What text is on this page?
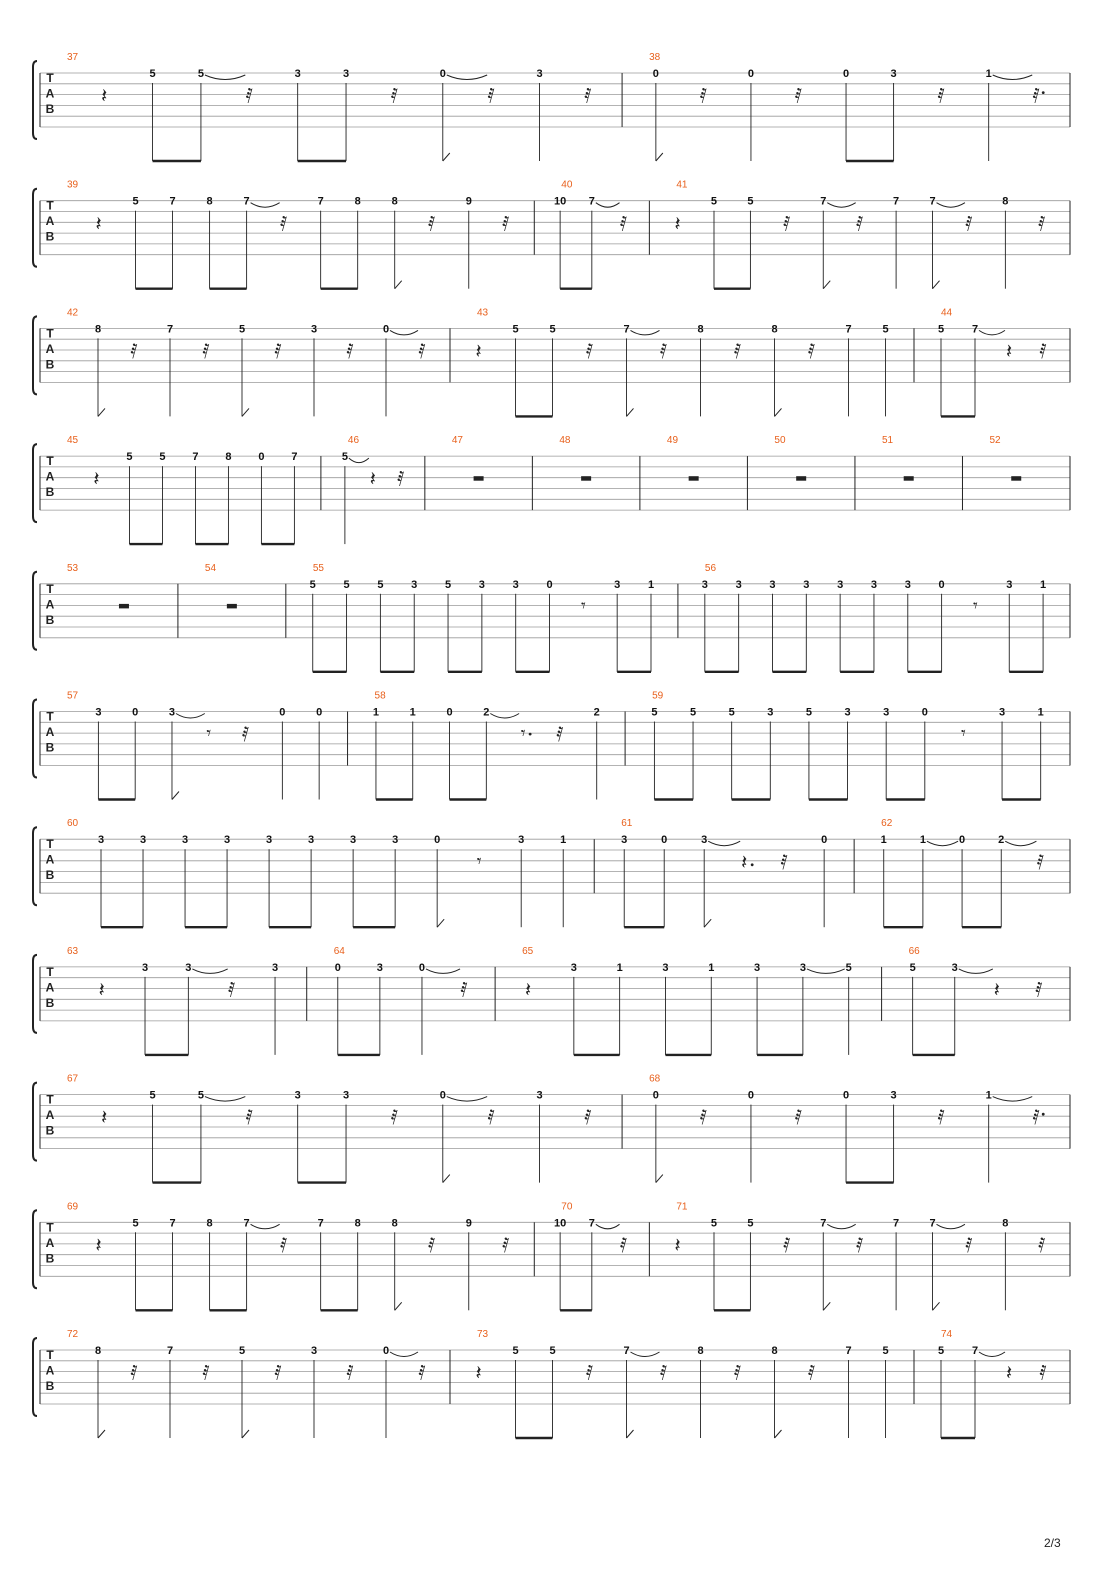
T
A
B
37
𝄽
5	5
𝅀
3	3
𝅀
0
𝅀
3
𝅀
38
0
𝅀
0
𝅀
0	3
𝅀
1
𝅀
T
A
B
39
𝄽
5	7	8	7
𝅀
7	8	8
𝅀
9
𝅀
40
10 7
𝅀
41
𝄽
5	5
𝅀
7
𝅀
7	7
𝅀
8
𝅀
T
A
B
42
8
𝅀
7
𝅀
5
𝅀
3
𝅀
0
𝅀
43
𝄽
5	5
𝅀
7
𝅀
8
𝅀
8
𝅀
7	5
44
5	7
𝄽 𝅀
T
A
B
45
𝄽
5 5 7 8 0 7
46
5
𝄽 𝅀
47	48	49	50	51	52
T
A
B
53	54	55
5	5	5	3	5	3	3	0
𝄾
3	1
56
3	3	3	3	3	3	3	0
𝄾
3	1
T
A
B
57
3	0	3
𝄾 𝅀
0	0
58
1	1	0	2
𝄾 𝅀
2
59
5	5	5	3	5	3	3	0
𝄾
3	1
T
A
B
60
3	3	3	3	3	3	3	3	0
𝄾
3	1
61
3	0	3
𝄽 𝅀
0
62
1	1	0	2
𝅀
T
A
B
63
𝄽
3	3
𝅀
3
64
0	3	0
𝅀
65
𝄽
3	1	3	1	3	3	5
66
5	3
𝄽 𝅀
T
A
B
67
𝄽
5	5
𝅀
3	3
𝅀
0
𝅀
3
𝅀
68
0
𝅀
0
𝅀
0	3
𝅀
1
𝅀
T
A
B
69
𝄽
5	7	8	7
𝅀
7	8	8
𝅀
9
𝅀
70
10 7
𝅀
71
𝄽
5	5
𝅀
7
𝅀
7	7
𝅀
8
𝅀
T
A
B
72
8
𝅀
7
𝅀
5
𝅀
3
𝅀
0
𝅀
73
𝄽
5	5
𝅀
7
𝅀
8
𝅀
8
𝅀
7	5
74
5	7
𝄽 𝅀
2/3
